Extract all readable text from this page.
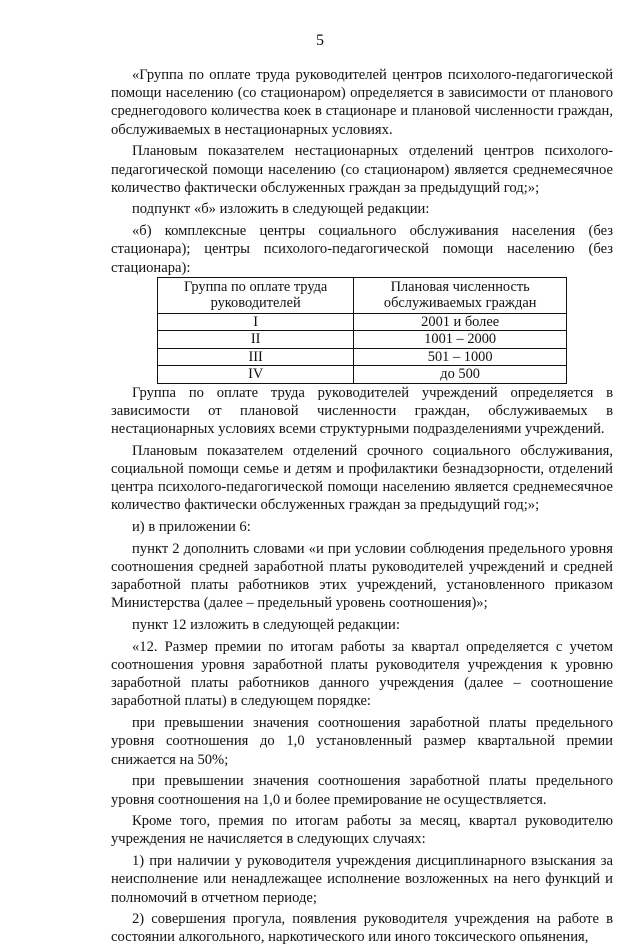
5

«Группа по оплате труда руководителей центров психолого-педагогической помощи населению (со стационаром) определяется в зависимости от планового среднегодового количества коек в стационаре и плановой численности граждан, обслуживаемых в нестационарных условиях.

Плановым показателем нестационарных отделений центров психолого-педагогической помощи населению (со стационаром) является среднемесячное количество фактически обслуженных граждан за предыдущий год;»;

подпункт «б» изложить в следующей редакции:

«б) комплексные центры социального обслуживания населения (без стационара); центры психолого-педагогической помощи населению (без стационара):

Группа по оплате труда руководителей	Плановая численность обслуживаемых граждан
I	2001 и более
II	1001 – 2000
III	501 – 1000
IV	до 500

Группа по оплате труда руководителей учреждений определяется в зависимости от плановой численности граждан, обслуживаемых в нестационарных условиях всеми структурными подразделениями учреждений.

Плановым показателем отделений срочного социального обслуживания, социальной помощи семье и детям и профилактики безнадзорности, отделений центра психолого-педагогической помощи населению является среднемесячное количество фактически обслуженных граждан за предыдущий год;»;

и) в приложении 6:

пункт 2 дополнить словами «и при условии соблюдения предельного уровня соотношения средней заработной платы руководителей учреждений и средней заработной платы работников этих учреждений, установленного приказом Министерства (далее – предельный уровень соотношения)»;

пункт 12 изложить в следующей редакции:

«12. Размер премии по итогам работы за квартал определяется с учетом соотношения уровня заработной платы руководителя учреждения к уровню заработной платы работников данного учреждения (далее – соотношение заработной платы) в следующем порядке:

при превышении значения соотношения заработной платы предельного уровня соотношения до 1,0 установленный размер квартальной премии снижается на 50%;

при превышении значения соотношения заработной платы предельного уровня соотношения на 1,0 и более премирование не осуществляется.

Кроме того, премия по итогам работы за месяц, квартал руководителю учреждения не начисляется в следующих случаях:

1) при наличии у руководителя учреждения дисциплинарного взыскания за неисполнение или ненадлежащее исполнение возложенных на него функций и полномочий в отчетном периоде;

2) совершения прогула, появления руководителя учреждения на работе в состоянии алкогольного, наркотического или иного токсического опьянения,
